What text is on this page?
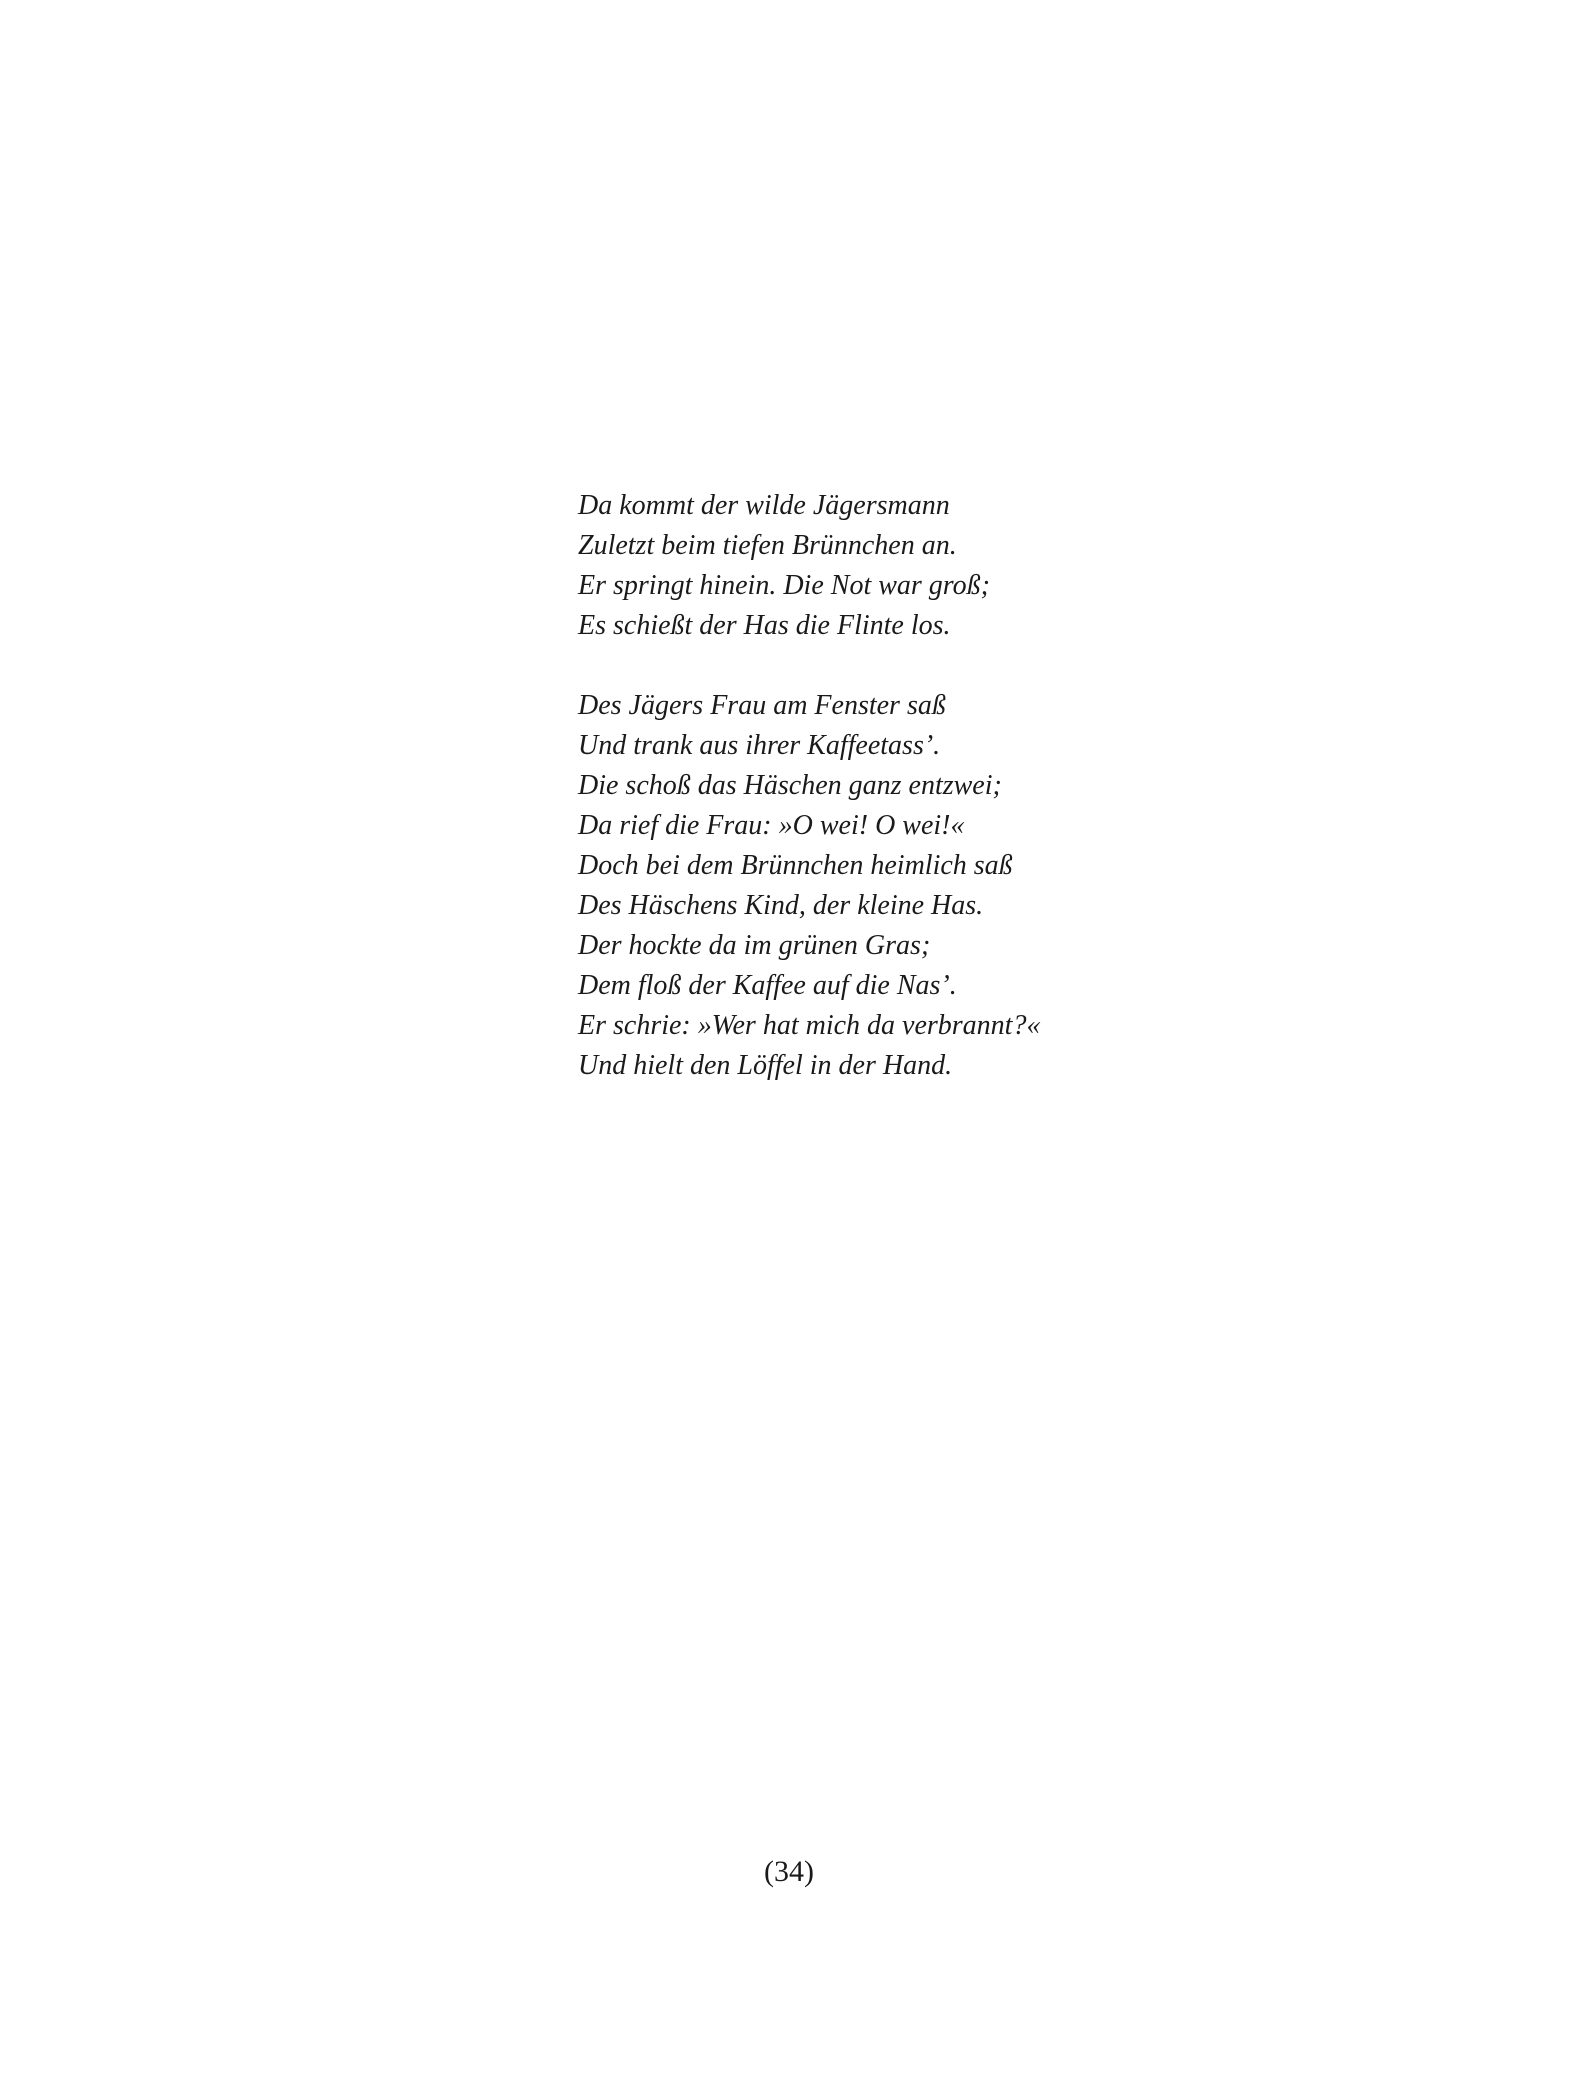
Da kommt der wilde Jägersmann
Zuletzt beim tiefen Brünnchen an.
Er springt hinein. Die Not war groß;
Es schießt der Has die Flinte los.
Des Jägers Frau am Fenster saß
Und trank aus ihrer Kaffeetass’.
Die schoß das Häschen ganz entzwei;
Da rief die Frau: »O wei! O wei!«
Doch bei dem Brünnchen heimlich saß
Des Häschens Kind, der kleine Has.
Der hockte da im grünen Gras;
Dem floß der Kaffee auf die Nas’.
Er schrie: »Wer hat mich da verbrannt?«
Und hielt den Löffel in der Hand.
(34)
